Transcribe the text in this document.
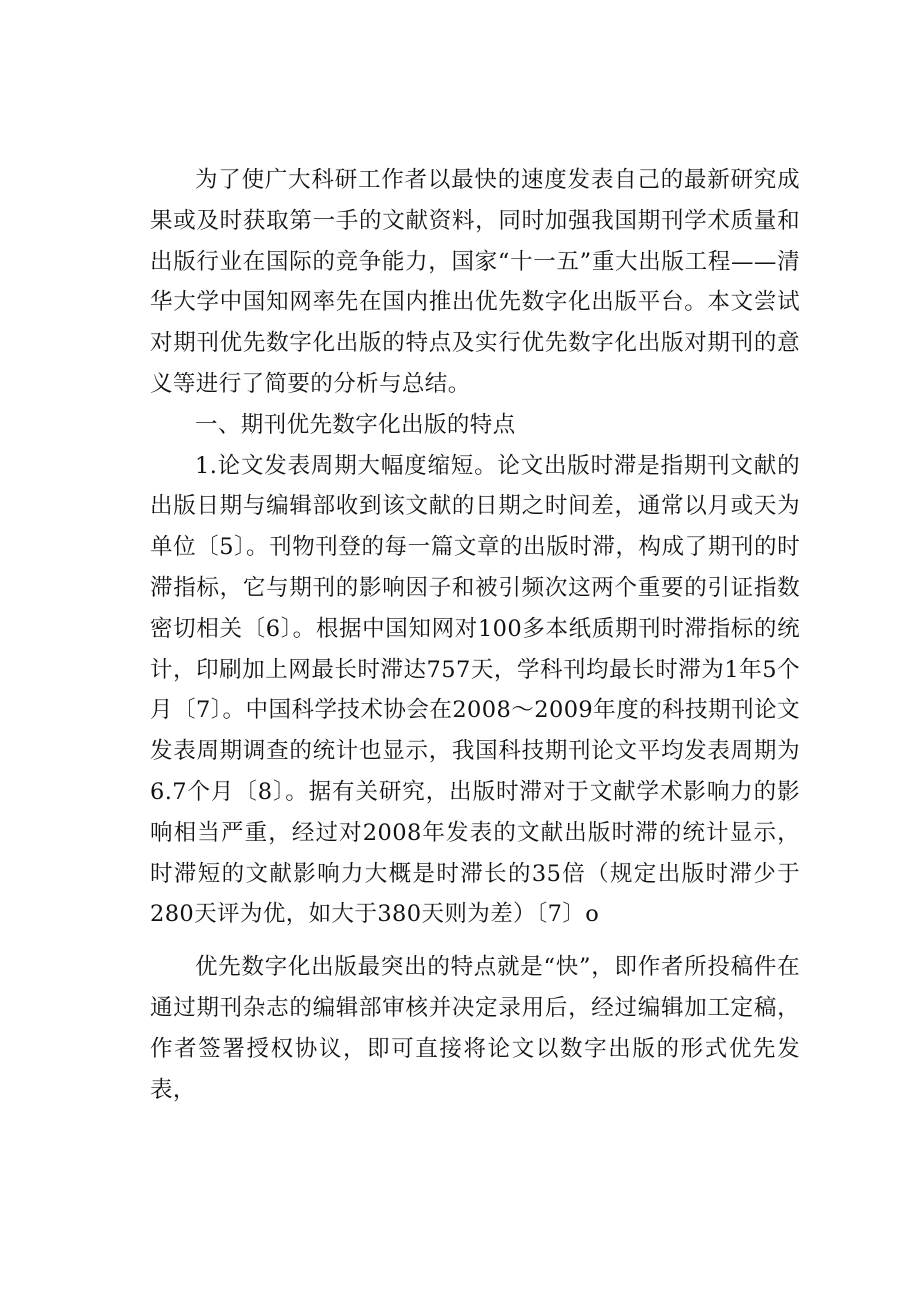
为了使广大科研工作者以最快的速度发表自己的最新研究成果或及时获取第一手的文献资料，同时加强我国期刊学术质量和出版行业在国际的竞争能力，国家“十一五”重大出版工程——清华大学中国知网率先在国内推出优先数字化出版平台。本文尝试对期刊优先数字化出版的特点及实行优先数字化出版对期刊的意义等进行了简要的分析与总结。

一、期刊优先数字化出版的特点

1.论文发表周期大幅度缩短。论文出版时滞是指期刊文献的出版日期与编辑部收到该文献的日期之时间差，通常以月或天为单位〔5〕。刊物刊登的每一篇文章的出版时滞，构成了期刊的时滞指标，它与期刊的影响因子和被引频次这两个重要的引证指数密切相关〔6〕。根据中国知网对100多本纸质期刊时滞指标的统计，印刷加上网最长时滞达757天，学科刊均最长时滞为1年5个月〔7〕。中国科学技术协会在2008～2009年度的科技期刊论文发表周期调查的统计也显示，我国科技期刊论文平均发表周期为6.7个月〔8〕。据有关研究，出版时滞对于文献学术影响力的影响相当严重，经过对2008年发表的文献出版时滞的统计显示，时滞短的文献影响力大概是时滞长的35倍（规定出版时滞少于280天评为优，如大于380天则为差）〔7〕o

优先数字化出版最突出的特点就是“快”，即作者所投稿件在通过期刊杂志的编辑部审核并决定录用后，经过编辑加工定稿，作者签署授权协议，即可直接将论文以数字出版的形式优先发表，
